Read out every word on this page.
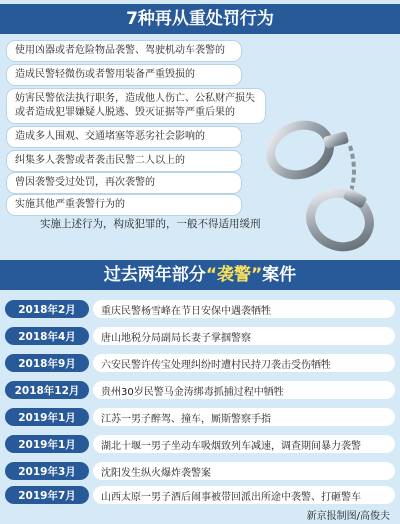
7种再从重处罚行为
使用凶器或者危险物品袭警、驾驶机动车袭警的
造成民警轻微伤或者警用装备严重毁损的
妨害民警依法执行职务，造成他人伤亡、公私财产损失或者造成犯罪嫌疑人脱逃、毁灭证据等严重后果的
造成多人围观、交通堵塞等恶劣社会影响的
纠集多人袭警或者袭击民警二人以上的
曾因袭警受过处罚，再次袭警的
实施其他严重袭警行为的
实施上述行为，构成犯罪的，一般不得适用缓刑
过去两年部分“袭警”案件
2018年2月	重庆民警杨雪峰在节日安保中遇袭牺牲
2018年4月	唐山地税分局副局长妻子掌掴警察
2018年9月	六安民警许传宝处理纠纷时遭村民持刀袭击受伤牺牲
2018年12月	贵州30岁民警马金涛绑毒抓捕过程中牺牲
2019年1月	江苏一男子醉驾、撞车，厮斯警察手指
2019年1月	湖北十堰一男子坐动车吸烟致列车减速，调查期间暴力袭警
2019年3月	沈阳发生纵火爆炸袭警案
2019年7月	山西太原一男子酒后闹事被带回派出所途中袭警、打砸警车
新京报制图/高俊夫
